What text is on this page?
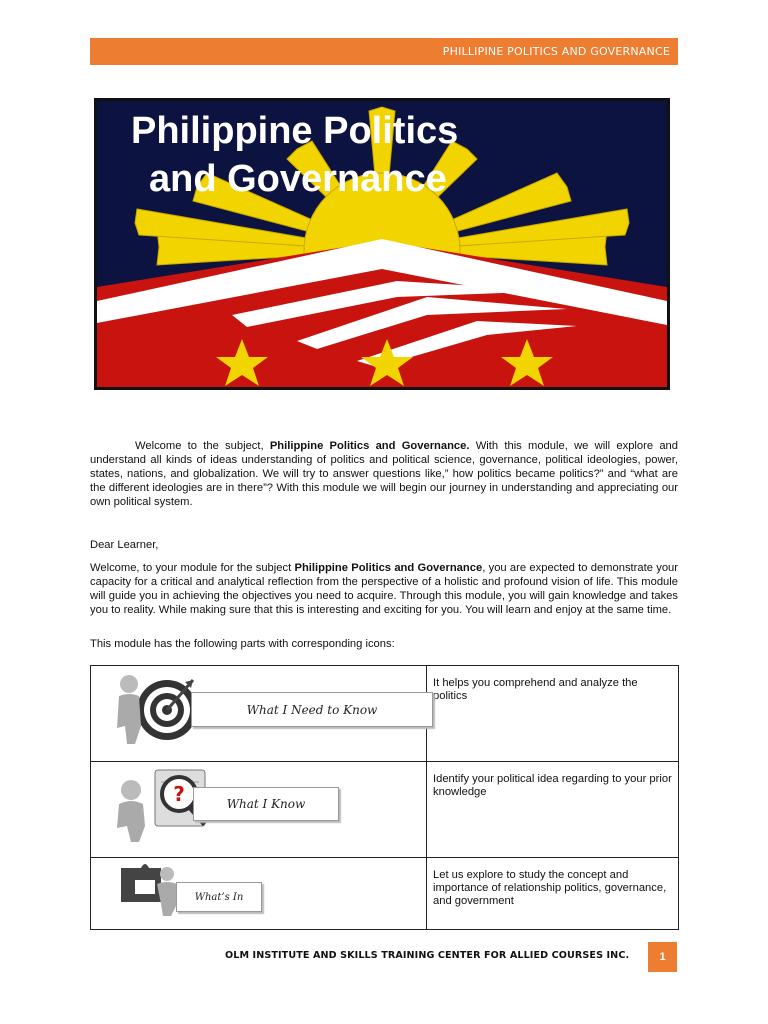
PHILLIPINE POLITICS AND GOVERNANCE
Philippine Politics
and Governance

Welcome to the subject, Philippine Politics and Governance. With this module, we will explore and understand all kinds of ideas understanding of politics and political science, governance, political ideologies, power, states, nations, and globalization. We will try to answer questions like,” how politics became politics?” and “what are the different ideologies are in there”? With this module we will begin our journey in understanding and appreciating our own political system.

Dear Learner,

Welcome, to your module for the subject Philippine Politics and Governance, you are expected to demonstrate your capacity for a critical and analytical reflection from the perspective of a holistic and profound vision of life. This module will guide you in achieving the objectives you need to acquire. Through this module, you will gain knowledge and takes you to reality. While making sure that this is interesting and exciting for you. You will learn and enjoy at the same time.

This module has the following parts with corresponding icons:

What I Need to Know	It helps you comprehend and analyze the politics

? What I Know	Identify your political idea regarding to your prior knowledge

What’s In	Let us explore to study the concept and importance of relationship politics, governance, and government
OLM INSTITUTE AND SKILLS TRAINING CENTER FOR ALLIED COURSES INC.	1
